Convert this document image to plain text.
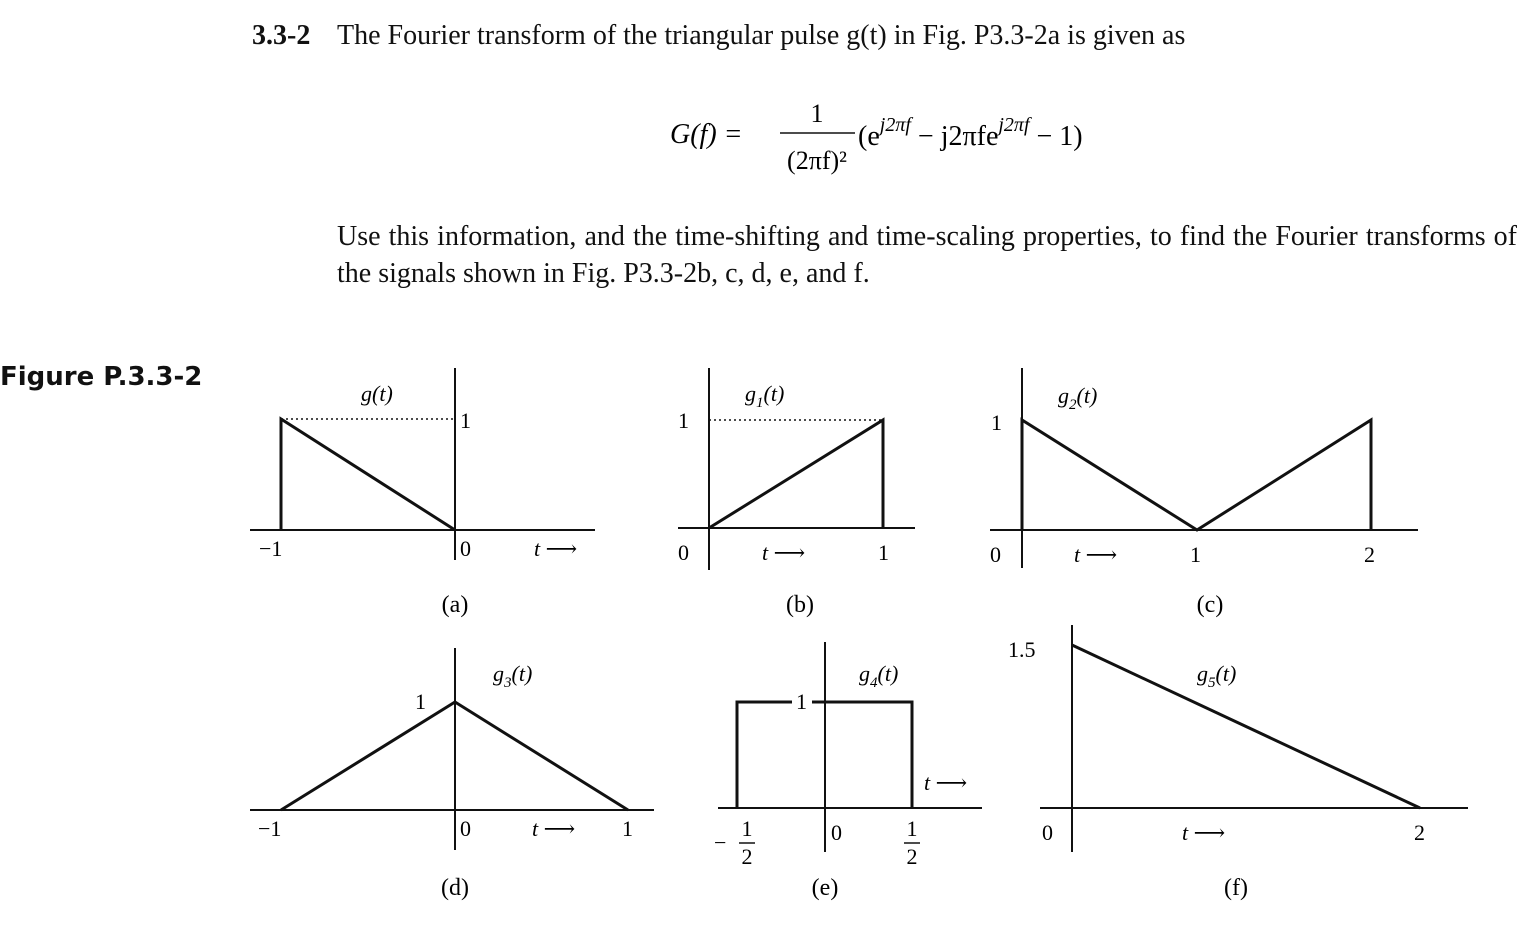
3.3-2 The Fourier transform of the triangular pulse g(t) in Fig. P3.3-2a is given as
G(f) =
1
(2πf)²
$(e^{j2\pi f} - j2\pi fe^{j2\pi f} - 1)$
Use this information, and the time-shifting and time-scaling properties, to find the Fourier transforms of the signals shown in Fig. P3.3-2b, c, d, e, and f.
Figure P.3.3-2
g(t)
1
−1	0	t ⟶
(a)
$g_1(t)$
1
0	1
t ⟶
(b)
$g_2(t)$
1
0	1	2
t ⟶
(c)
$g_3(t)$
1
−1	0	1
t ⟶
(d)
$g_4(t)$
1
t ⟶
−
1
2
0	1
2
(e)
$g_5(t)$
1.5
0	2
t ⟶
(f)
